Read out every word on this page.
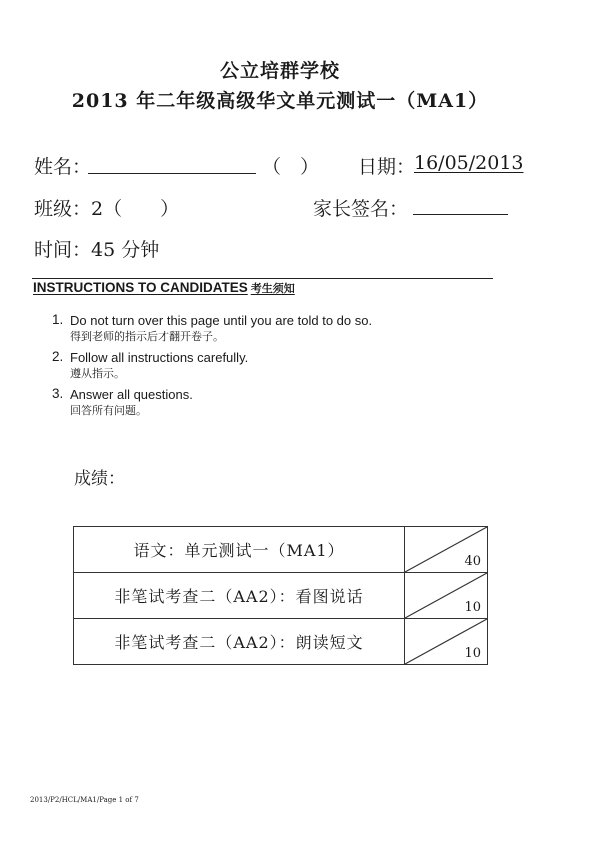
公立培群学校
2013 年二年级高级华文单元测试一（MA1）
姓名：	（　） 日期：
16/05/2013
班级：2（　　）	家长签名：
时间：45 分钟
INSTRUCTIONS TO CANDIDATES 考生须知
1. Do not turn over this page until you are told to do so.
得到老师的指示后才翻开卷子。
2. Follow all instructions carefully.
遵从指示。
3. Answer all questions.
回答所有问题。
成绩：
语文：单元测试一（MA1）	40

非笔试考查二（AA2）：看图说话	10

非笔试考查二（AA2）：朗读短文	10
2013/P2/HCL/MA1/Page 1 of 7
